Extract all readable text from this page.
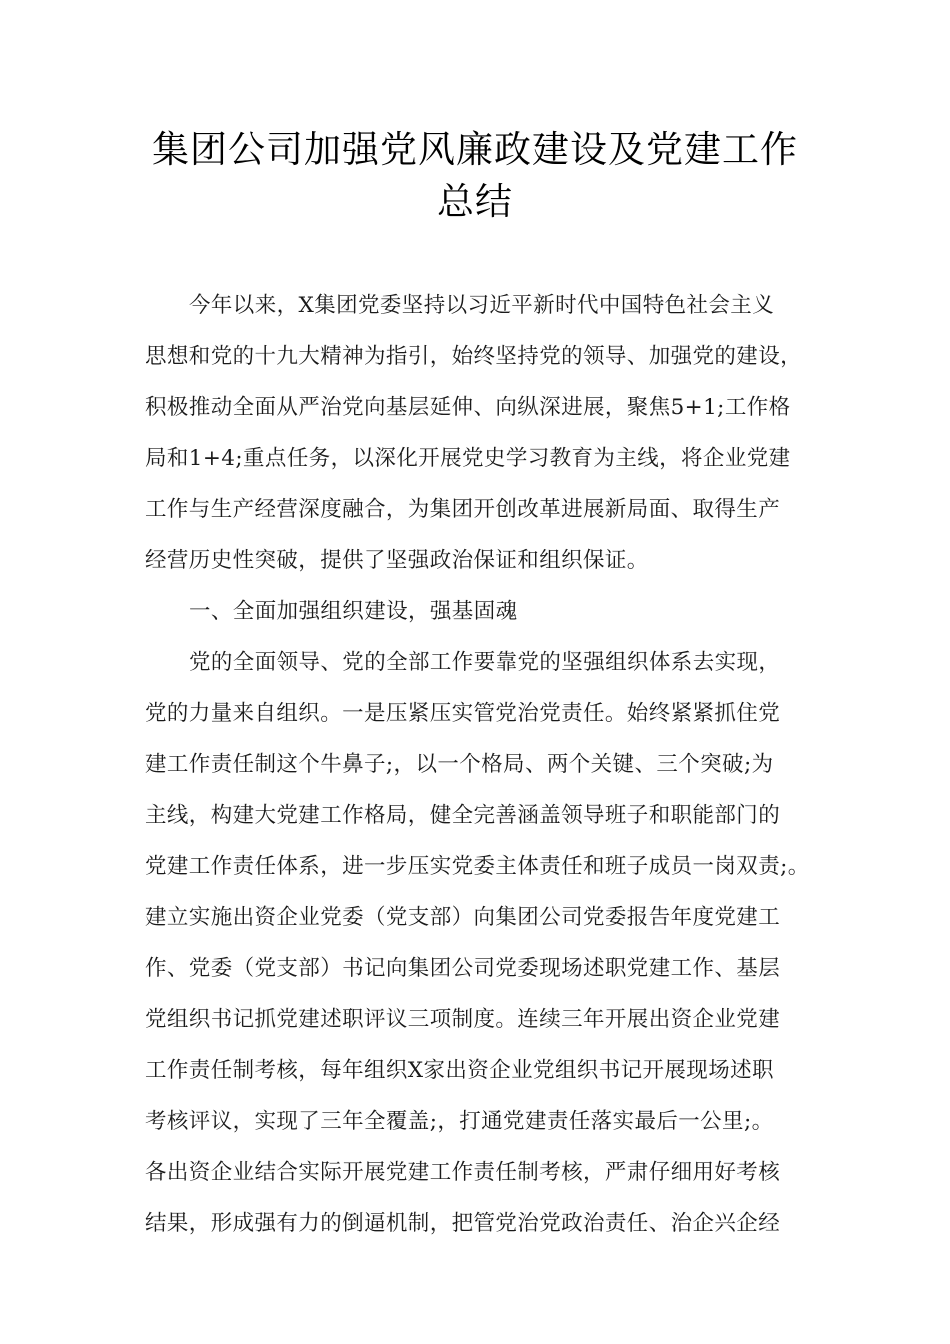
集团公司加强党风廉政建设及党建工作
总结
今年以来，X集团党委坚持以习近平新时代中国特色社会主义
思想和党的十九大精神为指引，始终坚持党的领导、加强党的建设，
积极推动全面从严治党向基层延伸、向纵深进展，聚焦5+1;工作格
局和1+4;重点任务，以深化开展党史学习教育为主线，将企业党建
工作与生产经营深度融合，为集团开创改革进展新局面、取得生产
经营历史性突破，提供了坚强政治保证和组织保证。
一、全面加强组织建设，强基固魂
党的全面领导、党的全部工作要靠党的坚强组织体系去实现，
党的力量来自组织。一是压紧压实管党治党责任。始终紧紧抓住党
建工作责任制这个牛鼻子;，以一个格局、两个关键、三个突破;为
主线，构建大党建工作格局，健全完善涵盖领导班子和职能部门的
党建工作责任体系，进一步压实党委主体责任和班子成员一岗双责;。
建立实施出资企业党委（党支部）向集团公司党委报告年度党建工
作、党委（党支部）书记向集团公司党委现场述职党建工作、基层
党组织书记抓党建述职评议三项制度。连续三年开展出资企业党建
工作责任制考核，每年组织X家出资企业党组织书记开展现场述职
考核评议，实现了三年全覆盖;，打通党建责任落实最后一公里;。
各出资企业结合实际开展党建工作责任制考核，严肃仔细用好考核
结果，形成强有力的倒逼机制，把管党治党政治责任、治企兴企经
